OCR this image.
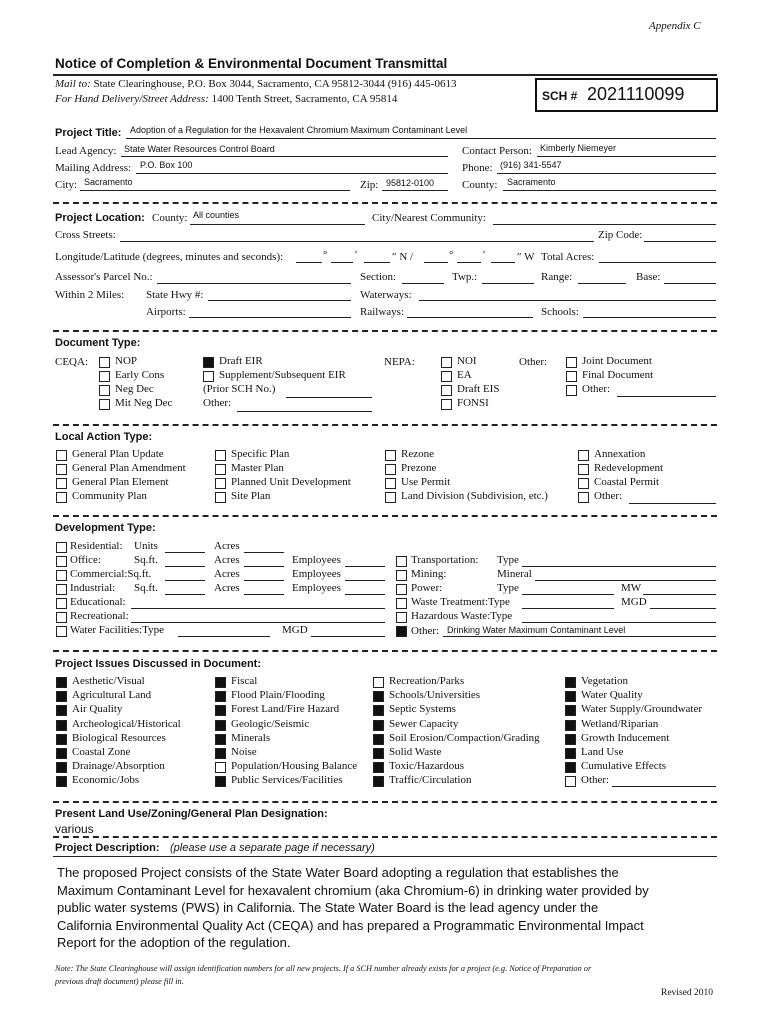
Appendix C
Notice of Completion & Environmental Document Transmittal
Mail to: State Clearinghouse, P.O. Box 3044, Sacramento, CA 95812-3044 (916) 445-0613
For Hand Delivery/Street Address: 1400 Tenth Street, Sacramento, CA 95814	SCH # 2021110099
Project Title: Adoption of a Regulation for the Hexavalent Chromium Maximum Contaminant Level
Lead Agency: State Water Resources Control Board	Contact Person: Kimberly Niemeyer
Mailing Address: P.O. Box 100	Phone: (916) 341-5547
City: Sacramento	Zip: 95812-0100	County: Sacramento
Project Location: County: All counties	City/Nearest Community:
Cross Streets:	Zip Code:
Longitude/Latitude (degrees, minutes and seconds):	°	′	″ N /	°	′	″ W Total Acres:
Assessor's Parcel No.:	Section:	Twp.:	Range:	Base:
Within 2 Miles: State Hwy #:	Waterways:
Airports:	Railways:	Schools:
Document Type:
CEQA: NOP
Early Cons
Neg Dec
Mit Neg Dec
Draft EIR
Supplement/Subsequent EIR
(Prior SCH No.)
Other:
NEPA:	NOI
EA
Draft EIS
FONSI
Other:	Joint Document
Final Document
Other:
Local Action Type:
General Plan Update
General Plan Amendment
General Plan Element
Community Plan
Specific Plan
Master Plan
Planned Unit Development
Site Plan
Rezone
Prezone
Use Permit
Land Division (Subdivision, etc.)
Annexation
Redevelopment
Coastal Permit
Other:
Development Type:
Residential: Units	Acres
Office:	Sq.ft.	Acres	Employees
Commercial:Sq.ft.	Acres	Employees
Industrial: Sq.ft.	Acres	Employees
Educational:
Recreational:
Water Facilities:Type	MGD
Transportation: Type
Mining:	Mineral
Power:	Type	MW
Waste Treatment:Type	MGD
Hazardous Waste:Type
Other: Drinking Water Maximum Contaminant Level
Project Issues Discussed in Document:
Aesthetic/Visual
Agricultural Land
Air Quality
Archeological/Historical
Biological Resources
Coastal Zone
Drainage/Absorption
Economic/Jobs
Fiscal
Flood Plain/Flooding
Forest Land/Fire Hazard
Geologic/Seismic
Minerals
Noise
Population/Housing Balance
Public Services/Facilities
Recreation/Parks
Schools/Universities
Septic Systems
Sewer Capacity
Soil Erosion/Compaction/Grading
Solid Waste
Toxic/Hazardous
Traffic/Circulation
Vegetation
Water Quality
Water Supply/Groundwater
Wetland/Riparian
Growth Inducement
Land Use
Cumulative Effects
Other:
Present Land Use/Zoning/General Plan Designation:
various
Project Description: (please use a separate page if necessary)
The proposed Project consists of the State Water Board adopting a regulation that establishes the
Maximum Contaminant Level for hexavalent chromium (aka Chromium-6) in drinking water provided by
public water systems (PWS) in California. The State Water Board is the lead agency under the
California Environmental Quality Act (CEQA) and has prepared a Programmatic Environmental Impact
Report for the adoption of the regulation.
Note: The State Clearinghouse will assign identification numbers for all new projects. If a SCH number already exists for a project (e.g. Notice of Preparation or
previous draft document) please fill in.
Revised 2010
